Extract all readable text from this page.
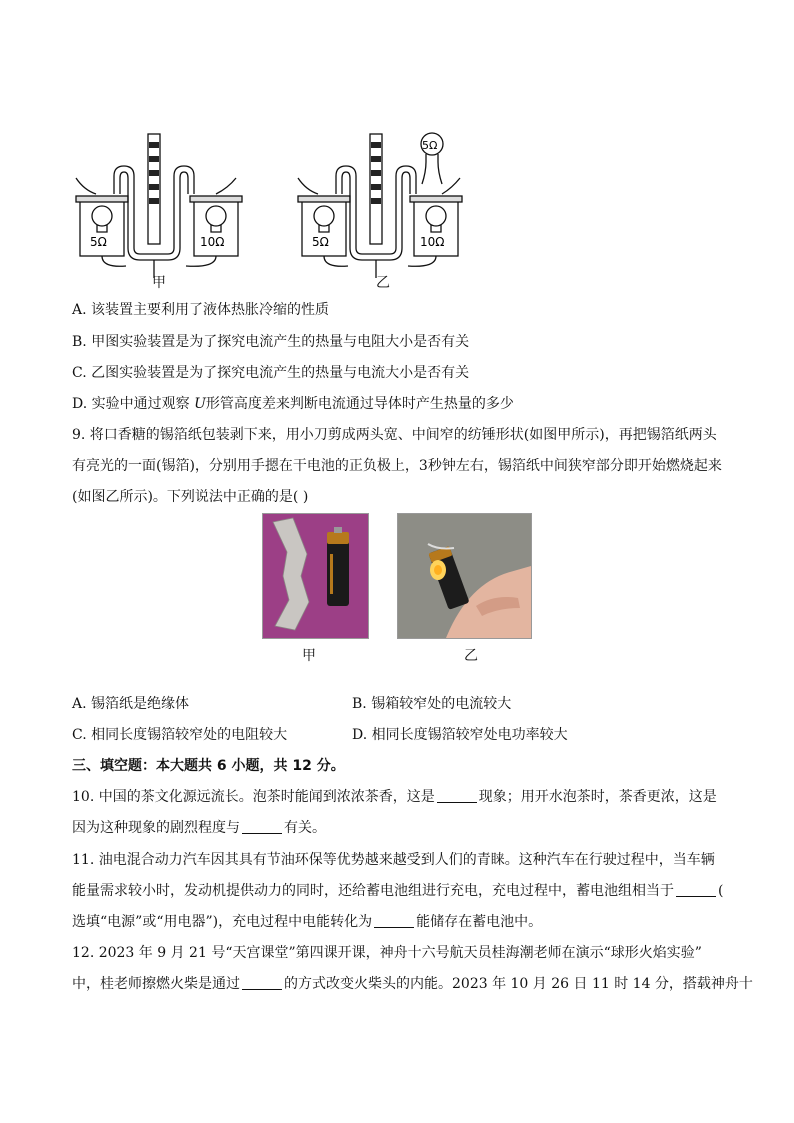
5Ω	10Ω	5Ω	10Ω
5Ω
甲	乙
A. 该装置主要利用了液体热胀冷缩的性质
B. 甲图实验装置是为了探究电流产生的热量与电阻大小是否有关
C. 乙图实验装置是为了探究电流产生的热量与电流大小是否有关
D. 实验中通过观察 U形管高度差来判断电流通过导体时产生热量的多少
9. 将口香糖的锡箔纸包装剥下来，用小刀剪成两头宽、中间窄的纺锤形状(如图甲所示)，再把锡箔纸两头
有亮光的一面(锡箔)，分别用手摁在干电池的正负极上，3秒钟左右，锡箔纸中间狭窄部分即开始燃烧起来
(如图乙所示)。下列说法中正确的是( )
甲	乙
A. 锡箔纸是绝缘体	B. 锡箱较窄处的电流较大
C. 相同长度锡箔较窄处的电阻较大	D. 相同长度锡箔较窄处电功率较大
三、填空题：本大题共 6 小题，共 12 分。
10. 中国的茶文化源远流长。泡茶时能闻到浓浓茶香，这是	现象；用开水泡茶时，茶香更浓，这是
因为这种现象的剧烈程度与	有关。
11. 油电混合动力汽车因其具有节油环保等优势越来越受到人们的青睐。这种汽车在行驶过程中，当车辆
能量需求较小时，发动机提供动力的同时，还给蓄电池组进行充电，充电过程中，蓄电池组相当于	(
选填“电源”或“用电器”)，充电过程中电能转化为	能储存在蓄电池中。
12. 2023 年 9 月 21 号“天宫课堂”第四课开课，神舟十六号航天员桂海潮老师在演示“球形火焰实验”
中，桂老师擦燃火柴是通过	的方式改变火柴头的内能。2023 年 10 月 26 日 11 时 14 分，搭载神舟十
